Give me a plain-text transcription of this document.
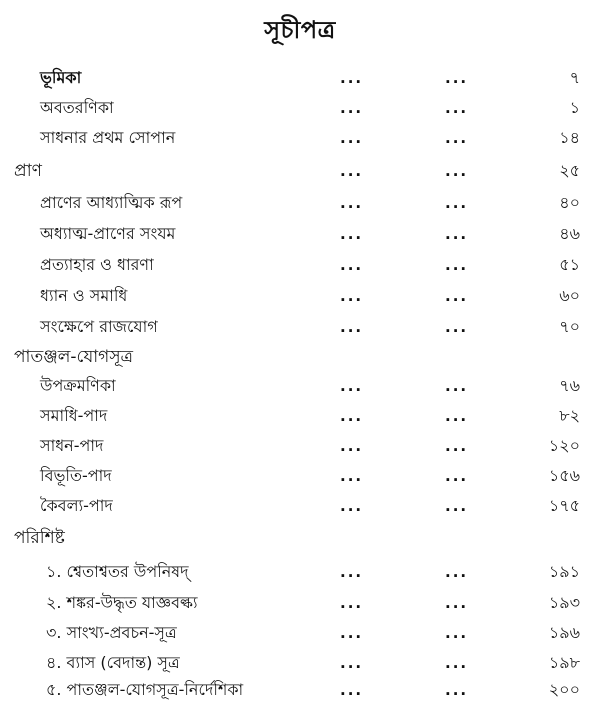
সূচীপত্র
ভূমিকা	...	...	৭
অবতরণিকা	...	...	১
সাধনার প্রথম সোপান	...	...	১৪
প্রাণ	...	...	২৫
প্রাণের আধ্যাত্মিক রূপ	...	...	৪০
অধ্যাত্ম-প্রাণের সংযম	...	...	৪৬
প্রত্যাহার ও ধারণা	...	...	৫১
ধ্যান ও সমাধি	...	...	৬০
সংক্ষেপে রাজযোগ	...	...	৭০
পাতঞ্জল-যোগসূত্র
উপক্রমণিকা	...	...	৭৬
সমাধি-পাদ	...	...	৮২
সাধন-পাদ	...	...	১২০
বিভূতি-পাদ	...	...	১৫৬
কৈবল্য-পাদ	...	...	১৭৫
পরিশিষ্ট
১. শ্বেতাশ্বতর উপনিষদ্	...	...	১৯১
২. শঙ্কর-উদ্ধৃত যাজ্ঞবল্ক্য	...	...	১৯৩
৩. সাংখ্য-প্রবচন-সূত্র	...	...	১৯৬
৪. ব্যাস (বেদান্ত) সূত্র	...	...	১৯৮
৫. পাতঞ্জল-যোগসূত্র-নির্দেশিকা	...	...	২০০
